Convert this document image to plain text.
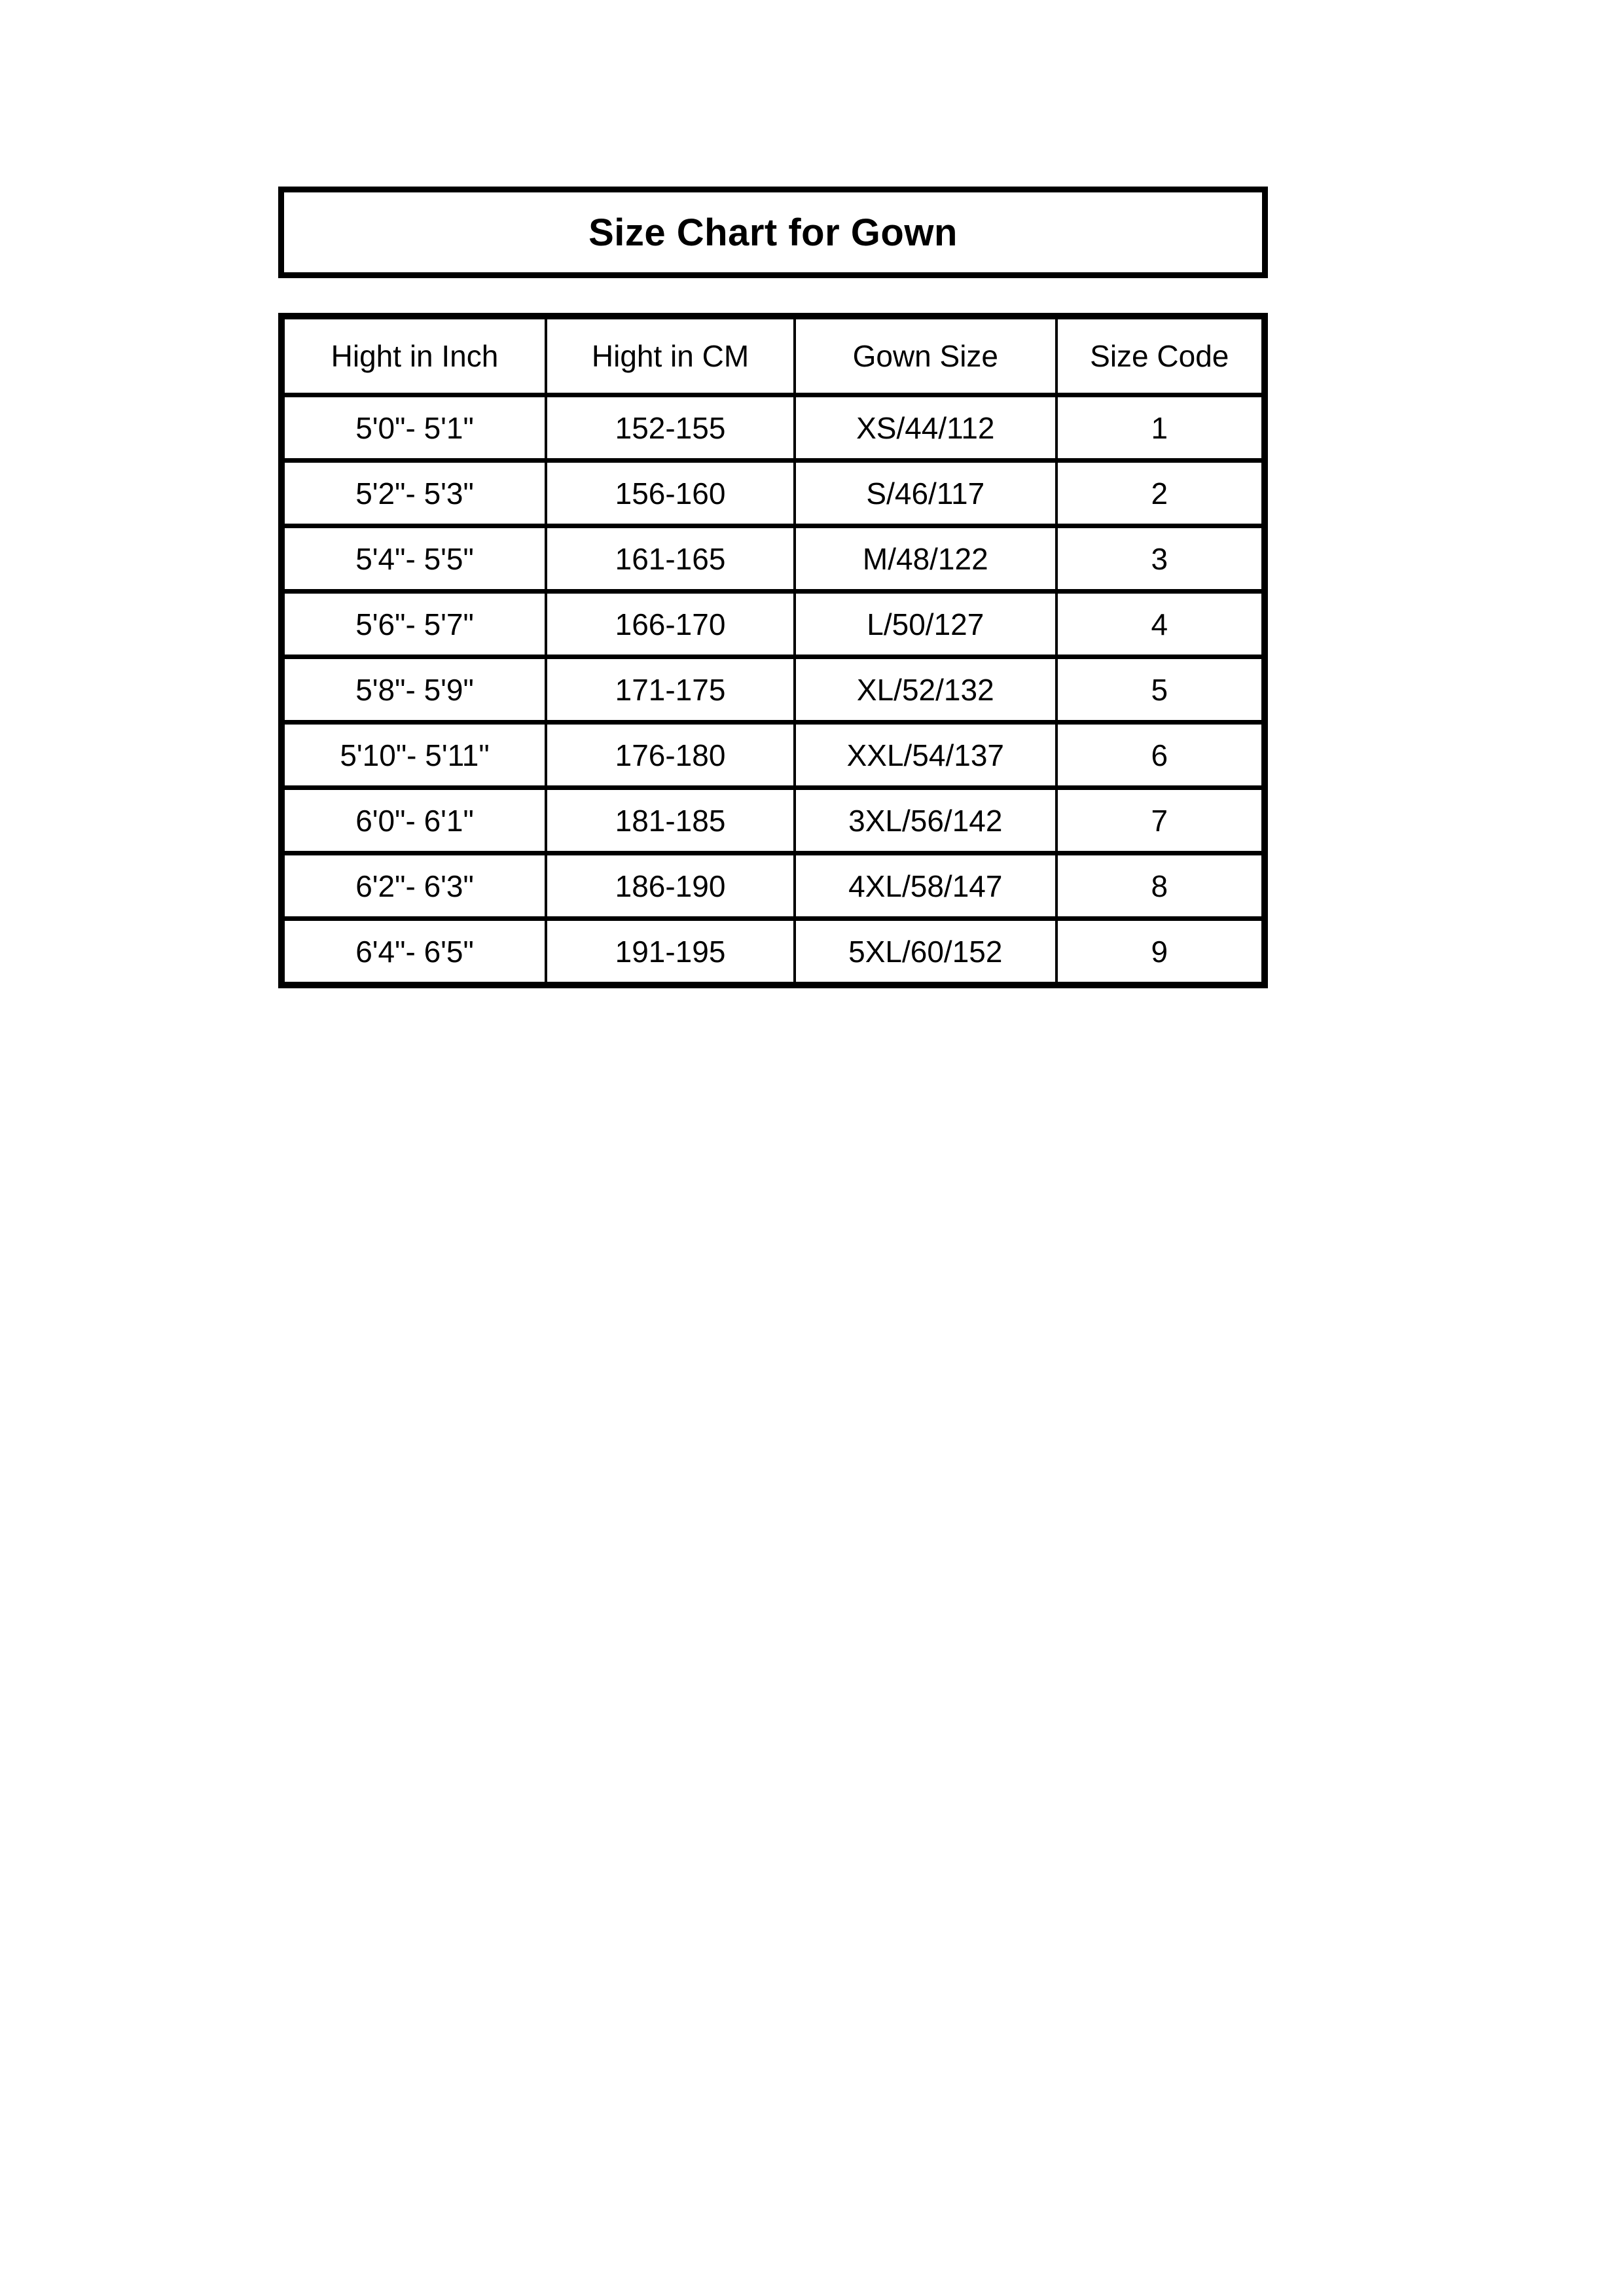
Size Chart for Gown
Hight in Inch	Hight in CM	Gown Size	Size Code
5'0"- 5'1"	152-155	XS/44/112	1
5'2"- 5'3"	156-160	S/46/117	2
5'4"- 5'5"	161-165	M/48/122	3
5'6"- 5'7"	166-170	L/50/127	4
5'8"- 5'9"	171-175	XL/52/132	5
5'10"- 5'11"	176-180	XXL/54/137	6
6'0"- 6'1"	181-185	3XL/56/142	7
6'2"- 6'3"	186-190	4XL/58/147	8
6'4"- 6'5"	191-195	5XL/60/152	9
